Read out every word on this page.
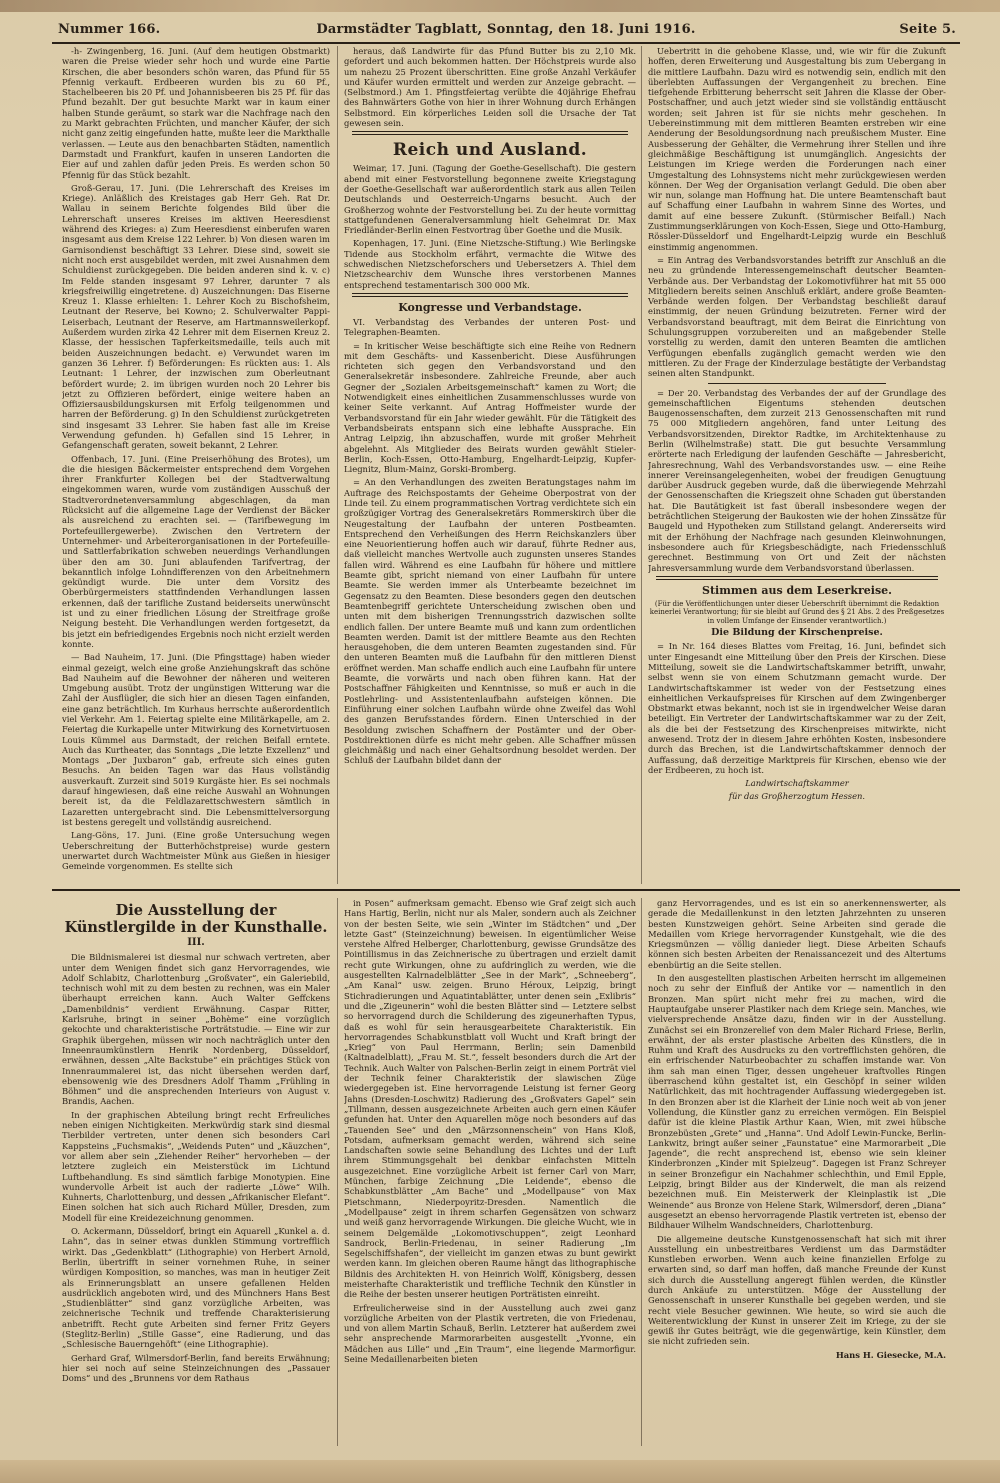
Nummer 166.	Darmstädter Tagblatt, Sonntag, den 18. Juni 1916.	Seite 5.

-h- Zwingenberg, 16. Juni. (Auf dem heutigen Obstmarkt) waren die Preise wieder sehr hoch und wurde eine Partie Kirschen, die aber besonders schön waren, das Pfund für 55 Pfennig verkauft. Erdbeeren wurden bis zu 60 Pf., Stachelbeeren bis 20 Pf. und Johannisbeeren bis 25 Pf. für das Pfund bezahlt. Der gut besuchte Markt war in kaum einer halben Stunde geräumt, so stark war die Nachfrage nach den zu Markt gebrachten Früchten, und mancher Käufer, der sich nicht ganz zeitig eingefunden hatte, mußte leer die Markthalle verlassen. — Leute aus den benachbarten Städten, namentlich Darmstadt und Frankfurt, kaufen in unseren Landorten die Eier auf und zahlen dafür jeden Preis. Es werden schon 50 Pfennig für das Stück bezahlt.

Groß-Gerau, 17. Juni. (Die Lehrerschaft des Kreises im Kriege). Anläßlich des Kreistages gab Herr Geh. Rat Dr. Wallau in seinem Berichte folgendes Bild über die Lehrerschaft unseres Kreises im aktiven Heeresdienst während des Krieges: a) Zum Heeresdienst einberufen waren insgesamt aus dem Kreise 122 Lehrer. b) Von diesen waren im Garnisondienst beschäftigt 33 Lehrer. Diese sind, soweit sie nicht noch erst ausgebildet werden, mit zwei Ausnahmen dem Schuldienst zurückgegeben. Die beiden anderen sind k. v. c) Im Felde standen insgesamt 97 Lehrer, darunter 7 als kriegsfreiwillig eingetretene. d) Auszeichnungen: Das Eiserne Kreuz 1. Klasse erhielten: 1. Lehrer Koch zu Bischofsheim, Leutnant der Reserve, bei Kowno; 2. Schulverwalter Pappi-Leiserbach, Leutnant der Reserve, am Hartmannsweilerkopf. Außerdem wurden zirka 42 Lehrer mit dem Eisernen Kreuz 2. Klasse, der hessischen Tapferkeitsmedaille, teils auch mit beiden Auszeichnungen bedacht. e) Verwundet waren im ganzen 36 Lehrer. f) Beförderungen: Es rückten aus: 1. Als Leutnant: 1 Lehrer, der inzwischen zum Oberleutnant befördert wurde; 2. im übrigen wurden noch 20 Lehrer bis jetzt zu Offizieren befördert, einige weitere haben an Offiziersausbildungskursen mit Erfolg teilgenommen und harren der Beförderung. g) In den Schuldienst zurückgetreten sind insgesamt 33 Lehrer. Sie haben fast alle im Kreise Verwendung gefunden. h) Gefallen sind 15 Lehrer, in Gefangenschaft geraten, soweit bekannt, 2 Lehrer.

Offenbach, 17. Juni. (Eine Preiserhöhung des Brotes), um die die hiesigen Bäckermeister entsprechend dem Vorgehen ihrer Frankfurter Kollegen bei der Stadtverwaltung eingekommen waren, wurde vom zuständigen Ausschuß der Stadtverordnetenversammlung abgeschlagen, da man Rücksicht auf die allgemeine Lage der Verdienst der Bäcker als ausreichend zu erachten sei. — (Tarifbewegung im Portefeuillergewerbe). Zwischen den Vertretern der Unternehmer- und Arbeiterorganisationen in der Portefeuille- und Sattlerfabrikation schweben neuerdings Verhandlungen über den am 30. Juni ablaufenden Tarifvertrag, der bekanntlich infolge Lohndifferenzen von den Arbeitnehmern gekündigt wurde. Die unter dem Vorsitz des Oberbürgermeisters stattfindenden Verhandlungen lassen erkennen, daß der tarifliche Zustand beiderseits unerwünscht ist und zu einer friedlichen Lösung der Streitfrage große Neigung besteht. Die Verhandlungen werden fortgesetzt, da bis jetzt ein befriedigendes Ergebnis noch nicht erzielt werden konnte.

— Bad Nauheim, 17. Juni. (Die Pfingsttage) haben wieder einmal gezeigt, welch eine große Anziehungskraft das schöne Bad Nauheim auf die Bewohner der näheren und weiteren Umgebung ausübt. Trotz der ungünstigen Witterung war die Zahl der Ausflügler, die sich hier an diesen Tagen einfanden, eine ganz beträchtlich. Im Kurhaus herrschte außerordentlich viel Verkehr. Am 1. Feiertag spielte eine Militärkapelle, am 2. Feiertag die Kurkapelle unter Mitwirkung des Kornetvirtuosen Louis Kümmel aus Darmstadt, der reichen Beifall erntete. Auch das Kurtheater, das Sonntags „Die letzte Exzellenz“ und Montags „Der Juxbaron“ gab, erfreute sich eines guten Besuchs. An beiden Tagen war das Haus vollständig ausverkauft. Zurzeit sind 5019 Kurgäste hier. Es sei nochmals darauf hingewiesen, daß eine reiche Auswahl an Wohnungen bereit ist, da die Feldlazarettschwestern sämtlich in Lazaretten untergebracht sind. Die Lebensmittelversorgung ist bestens geregelt und vollständig ausreichend.

Lang-Göns, 17. Juni. (Eine große Untersuchung wegen Ueberschreitung der Butterhöchstpreise) wurde gestern unerwartet durch Wachtmeister Münk aus Gießen in hiesiger Gemeinde vorgenommen. Es stellte sich

heraus, daß Landwirte für das Pfund Butter bis zu 2,10 Mk. gefordert und auch bekommen hatten. Der Höchstpreis wurde also um nahezu 25 Prozent überschritten. Eine große Anzahl Verkäufer und Käufer wurden ermittelt und werden zur Anzeige gebracht. — (Selbstmord.) Am 1. Pfingstfeiertag verübte die 40jährige Ehefrau des Bahnwärters Gothe von hier in ihrer Wohnung durch Erhängen Selbstmord. Ein körperliches Leiden soll die Ursache der Tat gewesen sein.

Reich und Ausland.

Weimar, 17. Juni. (Tagung der Goethe-Gesellschaft). Die gestern abend mit einer Festvorstellung begonnene zweite Kriegstagung der Goethe-Gesellschaft war außerordentlich stark aus allen Teilen Deutschlands und Oesterreich-Ungarns besucht. Auch der Großherzog wohnte der Festvorstellung bei. Zu der heute vormittag stattgefundenen Generalversammlung hielt Geheimrat Dr. Max Friedländer-Berlin einen Festvortrag über Goethe und die Musik.

Kopenhagen, 17. Juni. (Eine Nietzsche-Stiftung.) Wie Berlingske Tidende aus Stockholm erfährt, vermachte die Witwe des schwedischen Nietzscheforschers und Uebersetzers A. Thiel dem Nietzschearchiv dem Wunsche ihres verstorbenen Mannes entsprechend testamentarisch 300 000 Mk.

Kongresse und Verbandstage.

VI. Verbandstag des Verbandes der unteren Post- und Telegraphen-Beamten.

= In kritischer Weise beschäftigte sich eine Reihe von Rednern mit dem Geschäfts- und Kassenbericht. Diese Ausführungen richteten sich gegen den Verbandsvorstand und den Generalsekretär insbesondere. Zahlreiche Freunde, aber auch Gegner der „Sozialen Arbeitsgemeinschaft“ kamen zu Wort; die Notwendigkeit eines einheitlichen Zusammenschlusses wurde von keiner Seite verkannt. Auf Antrag Hoffmeister wurde der Verbandsvorstand für ein Jahr wieder gewählt. Für die Tätigkeit des Verbandsbeirats entspann sich eine lebhafte Aussprache. Ein Antrag Leipzig, ihn abzuschaffen, wurde mit großer Mehrheit abgelehnt. Als Mitglieder des Beirats wurden gewählt Stieler-Berlin, Koch-Essen, Otto-Hamburg, Engelhardt-Leipzig, Kupfer-Liegnitz, Blum-Mainz, Gorski-Bromberg.

= An den Verhandlungen des zweiten Beratungstages nahm im Auftrage des Reichspostamts der Geheime Oberpostrat von der Linde teil. Zu einem programmatischen Vortrag verdichtete sich ein großzügiger Vortrag des Generalsekretärs Rommerskirch über die Neugestaltung der Laufbahn der unteren Postbeamten. Entsprechend den Verheißungen des Herrn Reichskanzlers über eine Neuorientierung hoffen auch wir darauf, führte Redner aus, daß vielleicht manches Wertvolle auch zugunsten unseres Standes fallen wird. Während es eine Laufbahn für höhere und mittlere Beamte gibt, spricht niemand von einer Laufbahn für untere Beamte. Sie werden immer als Unterbeamte bezeichnet im Gegensatz zu den Beamten. Diese besonders gegen den deutschen Beamtenbegriff gerichtete Unterscheidung zwischen oben und unten mit dem bisherigen Trennungsstrich dazwischen sollte endlich fallen. Der untere Beamte muß und kann zum ordentlichen Beamten werden. Damit ist der mittlere Beamte aus den Rechten herausgehoben, die dem unteren Beamten zugestanden sind. Für den unteren Beamten muß die Laufbahn für den mittleren Dienst eröffnet werden. Man schaffe endlich auch eine Laufbahn für untere Beamte, die vorwärts und nach oben führen kann. Hat der Postschaffner Fähigkeiten und Kenntnisse, so muß er auch in die Postlehrling- und Assistentenlaufbahn aufsteigen können. Die Einführung einer solchen Laufbahn würde ohne Zweifel das Wohl des ganzen Berufsstandes fördern. Einen Unterschied in der Besoldung zwischen Schaffnern der Postämter und der Ober-Postdirektionen dürfe es nicht mehr geben. Alle Schaffner müssen gleichmäßig und nach einer Gehaltsordnung besoldet werden. Der Schluß der Laufbahn bildet dann der

Uebertritt in die gehobene Klasse, und, wie wir für die Zukunft hoffen, deren Erweiterung und Ausgestaltung bis zum Uebergang in die mittlere Laufbahn. Dazu wird es notwendig sein, endlich mit den überlebten Auffassungen der Vergangenheit zu brechen. Eine tiefgehende Erbitterung beherrscht seit Jahren die Klasse der Ober-Postschaffner, und auch jetzt wieder sind sie vollständig enttäuscht worden; seit Jahren ist für sie nichts mehr geschehen. In Uebereinstimmung mit dem mittleren Beamten erstreben wir eine Aenderung der Besoldungsordnung nach preußischem Muster. Eine Ausbesserung der Gehälter, die Vermehrung ihrer Stellen und ihre gleichmäßige Beschäftigung ist unumgänglich. Angesichts der Leistungen im Kriege werden die Forderungen nach einer Umgestaltung des Lohnsystems nicht mehr zurückgewiesen werden können. Der Weg der Organisation verlangt Geduld. Die oben aber wir nun, solange man Hoffnung hat. Die untere Beamtenschaft baut auf Schaffung einer Laufbahn in wahrem Sinne des Wortes, und damit auf eine bessere Zukunft. (Stürmischer Beifall.) Nach Zustimmungserklärungen von Koch-Essen, Siege und Otto-Hamburg, Rössler-Düsseldorf und Engelhardt-Leipzig wurde ein Beschluß einstimmig angenommen.

= Ein Antrag des Verbandsvorstandes betrifft zur Anschluß an die neu zu gründende Interessengemeinschaft deutscher Beamten-Verbände aus. Der Verbandstag der Lokomotivführer hat mit 55 000 Mitgliedern bereits seinen Anschluß erklärt, andere große Beamten-Verbände werden folgen. Der Verbandstag beschließt darauf einstimmig, der neuen Gründung beizutreten. Ferner wird der Verbandsvorstand beauftragt, mit dem Beirat die Einrichtung von Schulungsgruppen vorzubereiten und an maßgebender Stelle vorstellig zu werden, damit den unteren Beamten die amtlichen Verfügungen ebenfalls zugänglich gemacht werden wie den mittleren. Zu der Frage der Kinderzulage bestätigte der Verbandstag seinen alten Standpunkt.

= Der 20. Verbandstag des Verbandes der auf der Grundlage des gemeinschaftlichen Eigentums stehenden deutschen Baugenossenschaften, dem zurzeit 213 Genossenschaften mit rund 75 000 Mitgliedern angehören, fand unter Leitung des Verbandsvorsitzenden, Direktor Radtke, im Architektenhause zu Berlin (Wilhelmstraße) statt. Die gut besuchte Versammlung erörterte nach Erledigung der laufenden Geschäfte — Jahresbericht, Jahresrechnung, Wahl des Verbandsvorstandes usw. — eine Reihe innerer Vereinsangelegenheiten, wobei der freudigen Genugtuung darüber Ausdruck gegeben wurde, daß die überwiegende Mehrzahl der Genossenschaften die Kriegszeit ohne Schaden gut überstanden hat. Die Bautätigkeit ist fast überall insbesondere wegen der beträchtlichen Steigerung der Baukosten wie der hohen Zinssätze für Baugeld und Hypotheken zum Stillstand gelangt. Andererseits wird mit der Erhöhung der Nachfrage nach gesunden Kleinwohnungen, insbesondere auch für Kriegsbeschädigte, nach Friedensschluß gerechnet. Bestimmung von Ort und Zeit der nächsten Jahresversammlung wurde dem Verbandsvorstand überlassen.

Stimmen aus dem Leserkreise.
(Für die Veröffentlichungen unter dieser Ueberschrift übernimmt die Redaktion keinerlei Verantwortung; für sie bleibt auf Grund des § 21 Abs. 2 des Preßgesetzes in vollem Umfange der Einsender verantwortlich.)
Die Bildung der Kirschenpreise.

= In Nr. 164 dieses Blattes vom Freitag, 16. Juni, befindet sich unter Eingesandt eine Mitteilung über den Preis der Kirschen. Diese Mitteilung, soweit sie die Landwirtschaftskammer betrifft, unwahr, selbst wenn sie von einem Schutzmann gemacht wurde. Der Landwirtschaftskammer ist weder von der Festsetzung eines einheitlichen Verkaufspreises für Kirschen auf dem Zwingenberger Obstmarkt etwas bekannt, noch ist sie in irgendwelcher Weise daran beteiligt. Ein Vertreter der Landwirtschaftskammer war zu der Zeit, als die bei der Festsetzung des Kirschenpreises mitwirkte, nicht anwesend. Trotz der in diesem Jahre erhöhten Kosten, insbesondere durch das Brechen, ist die Landwirtschaftskammer dennoch der Auffassung, daß derzeitige Marktpreis für Kirschen, ebenso wie der der Erdbeeren, zu hoch ist.

Landwirtschaftskammer
für das Großherzogtum Hessen.
Die Ausstellung der Künstlergilde in der Kunsthalle.
III.

Die Bildnismalerei ist diesmal nur schwach vertreten, aber unter dem Wenigen findet sich ganz Hervorragendes, wie Adolf Schlabitz, Charlottenburg „Großvater“, ein Galeriebild, technisch wohl mit zu dem besten zu rechnen, was ein Maler überhaupt erreichen kann. Auch Walter Geffckens „Damenbildnis“ verdient Erwähnung. Caspar Ritter, Karlsruhe, bringt in seiner „Bohème“ eine vorzüglich gekochte und charakteristische Porträtstudie. — Eine wir zur Graphik übergehen, müssen wir noch nachträglich unter den Inneenraumkünstlern Henrik Nordenberg, Düsseldorf, erwähnen, dessen „Alte Backstube“ ein prächtiges Stück von Innenraummalerei ist, das nicht übersehen werden darf, ebensowenig wie des Dresdners Adolf Thamm „Frühling in Böhmen“ und die ansprechenden Interieurs von August v. Brandis, Aachen.

In der graphischen Abteilung bringt recht Erfreuliches neben einigen Nichtigkeiten. Merkwürdig stark sind diesmal Tierbilder vertreten, unter denen sich besonders Carl Kappsteins „Fuchsmakis“, „Weidends Puten“ und „Käuzchen“, vor allem aber sein „Ziehender Reiher“ hervorheben — der letztere zugleich ein Meisterstück im Lichtund Luftbehandlung. Es sind sämtlich farbige Monotypien. Eine wundervolle Arbeit ist auch der radierte „Löwe“ Wilh. Kuhnerts, Charlottenburg, und dessen „Afrikanischer Elefant“. Einen solchen hat sich auch Richard Müller, Dresden, zum Modell für eine Kreidezeichnung genommen.

O. Ackermann, Düsseldorf, bringt ein Aquarell „Kunkel a. d. Lahn“, das in seiner etwas dunklen Stimmung vortrefflich wirkt. Das „Gedenkblatt“ (Lithographie) von Herbert Arnold, Berlin, übertrifft in seiner vornehmen Ruhe, in seiner würdigen Komposition, so manches, was man in heutiger Zeit als Erinnerungsblatt an unsere gefallenen Helden ausdrücklich angeboten wird, und des Münchners Hans Best „Studienblätter“ sind ganz vorzügliche Arbeiten, was zeichnerische Technik und treffende Charakterisierung anbetrifft. Recht gute Arbeiten sind ferner Fritz Geyers (Steglitz-Berlin) „Stille Gasse“, eine Radierung, und das „Schlesische Bauerngehöft“ (eine Lithographie).

Gerhard Graf, Wilmersdorf-Berlin, fand bereits Erwähnung; hier sei noch auf seine Steinzeichnungen des „Passauer Doms“ und des „Brunnens vor dem Rathaus

in Posen“ aufmerksam gemacht. Ebenso wie Graf zeigt sich auch Hans Hartig, Berlin, nicht nur als Maler, sondern auch als Zeichner von der besten Seite, wie sein „Winter im Städtchen“ und „Der letzte Gast“ (Steinzeichnung) beweisen. In eigentümlicher Weise verstehe Alfred Helberger, Charlottenburg, gewisse Grundsätze des Pointillismus in das Zeichnerische zu übertragen und erzielt damit recht gute Wirkungen, ohne zu aufdringlich zu werden, wie die ausgestellten Kalrnadelblätter „See in der Mark“, „Schneeberg“, „Am Kanal“ usw. zeigen. Bruno Héroux, Leipzig, bringt Stichradierungen und Aquatintablätter, unter denen sein „Exlibris“ und die „Zigeunerin“ wohl die besten Blätter sind — Letztere selbst so hervorragend durch die Schilderung des zigeunerhaften Typus, daß es wohl für sein herausgearbeitete Charakteristik. Ein hervorragendes Schabkunstblatt voll Wucht und Kraft bringt der „Krieg“ von Paul Herrmann, Berlin; sein Damenbild (Kaltnadelblatt), „Frau M. St.“, fesselt besonders durch die Art der Technik. Auch Walter von Palschen-Berlin zeigt in einem Porträt viel der Technik feiner Charakteristik der slawischen Züge wiedergegeben ist. Eine hervorragende Leistung ist ferner Georg Jahns (Dresden-Loschwitz) Radierung des „Großvaters Gapel“ sein „Tillmann, dessen ausgezeichnete Arbeiten auch gern einen Käufer gefunden hat. Unter den Aquarellen möge noch besonders auf das „Tauenden See“ und den „Märzsonnenschein“ von Hans Kloß, Potsdam, aufmerksam gemacht werden, während sich seine Landschaften sowie seine Behandlung des Lichtes und der Luft ihrem Stimmungsgehalt bei denkbar einfachsten Mitteln ausgezeichnet. Eine vorzügliche Arbeit ist ferner Carl von Marr, München, farbige Zeichnung „Die Leidende“, ebenso die Schabkunstblätter „Am Bache“ und „Modellpause“ von Max Pietschmann, Niederpoyritz-Dresden. Namentlich die „Modellpause“ zeigt in ihrem scharfen Gegensätzen von schwarz und weiß ganz hervorragende Wirkungen. Die gleiche Wucht, wie in seinem Delgemälde „Lokomotivschuppen“, zeigt Leonhard Sandrock, Berlin-Friedenau, in seiner Radierung „Im Segelschiffshafen“, der vielleicht im ganzen etwas zu bunt gewirkt werden kann. Im gleichen oberen Raume hängt das lithographische Bildnis des Architekten H. von Heinrich Wolff, Königsberg, dessen meisterhafte Charakteristik und treffliche Technik den Künstler in die Reihe der besten unserer heutigen Porträtisten einreiht.

Erfreulicherweise sind in der Ausstellung auch zwei ganz vorzügliche Arbeiten von der Plastik vertreten, die von Friedenau, und von allem Martin Schauß, Berlin. Letzterer hat außerdem zwei sehr ansprechende Marmorarbeiten ausgestellt „Yvonne, ein Mädchen aus Lille“ und „Ein Traum“, eine liegende Marmorfigur. Seine Medaillenarbeiten bieten

ganz Hervorragendes, und es ist ein so anerkennenswerter, als gerade die Medaillenkunst in den letzten Jahrzehnten zu unseren besten Kunstzweigen gehört. Seine Arbeiten sind gerade die Medaillen vom Kriege hervorragender Kunstgehalt, wie die des Kriegsmünzen — völlig danieder liegt. Diese Arbeiten Schaufs können sich besten Arbeiten der Renaissancezeit und des Altertums ebenbürtig an die Seite stellen.

In den ausgestellten plastischen Arbeiten herrscht im allgemeinen noch zu sehr der Einfluß der Antike vor — namentlich in den Bronzen. Man spürt nicht mehr frei zu machen, wird die Hauptaufgabe unserer Plastiker nach dem Kriege sein. Manches, wie vielversprechende Ansätze dazu, finden wir in der Ausstellung. Zunächst sei ein Bronzerelief von dem Maler Richard Friese, Berlin, erwähnt, der als erster plastische Arbeiten des Künstlers, die in Ruhm und Kraft des Ausdrucks zu den vortrefflichsten gehören, die ein erfrischender Naturbeobachter zu schaffen imstande war. Von ihm sah man einen Tiger, dessen ungeheuer kraftvolles Ringen überraschend kühn gestaltet ist, ein Geschöpf in seiner wilden Natürlichkeit, das mit hochtragender Auffassung wiedergegeben ist. In den Bronzen aber ist die Klarheit der Linie noch weit ab von jener Vollendung, die Künstler ganz zu erreichen vermögen. Ein Beispiel dafür ist die kleine Plastik Arthur Kaan, Wien, mit zwei hübsche Bronzebüsten „Grete“ und „Hanna“. Und Adolf Lewin-Funcke, Berlin-Lankwitz, bringt außer seiner „Faunstatue“ eine Marmorarbeit „Die Jagende“, die recht ansprechend ist, ebenso wie sein kleiner Kinderbronzen „Kinder mit Spielzeug“. Dagegen ist Franz Schreyer in seiner Bronzefigur ein Nachahmer schlechthin, und Emil Epple, Leipzig, bringt Bilder aus der Kinderwelt, die man als reizend bezeichnen muß. Ein Meisterwerk der Kleinplastik ist „Die Weinende“ aus Bronze von Helene Stark, Wilmersdorf, deren „Diana“ ausgesetzt an ebenso hervorragende Plastik vertreten ist, ebenso der Bildhauer Wilhelm Wandschneiders, Charlottenburg.

Die allgemeine deutsche Kunstgenossenschaft hat sich mit ihrer Ausstellung ein unbestreitbares Verdienst um das Darmstädter Kunstleben erworben. Wenn auch keine finanziellen Erfolge zu erwarten sind, so darf man hoffen, daß manche Freunde der Kunst sich durch die Ausstellung angeregt fühlen werden, die Künstler durch Ankäufe zu unterstützen. Möge der Ausstellung der Genossenschaft in unserer Kunsthalle bei gegeben werden, und sie recht viele Besucher gewinnen. Wie heute, so wird sie auch die Weiterentwicklung der Kunst in unserer Zeit im Kriege, zu der sie gewiß ihr Gutes beiträgt, wie die gegenwärtige, kein Künstler, dem sie nicht zufrieden sein.

Hans H. Giesecke, M.A.
